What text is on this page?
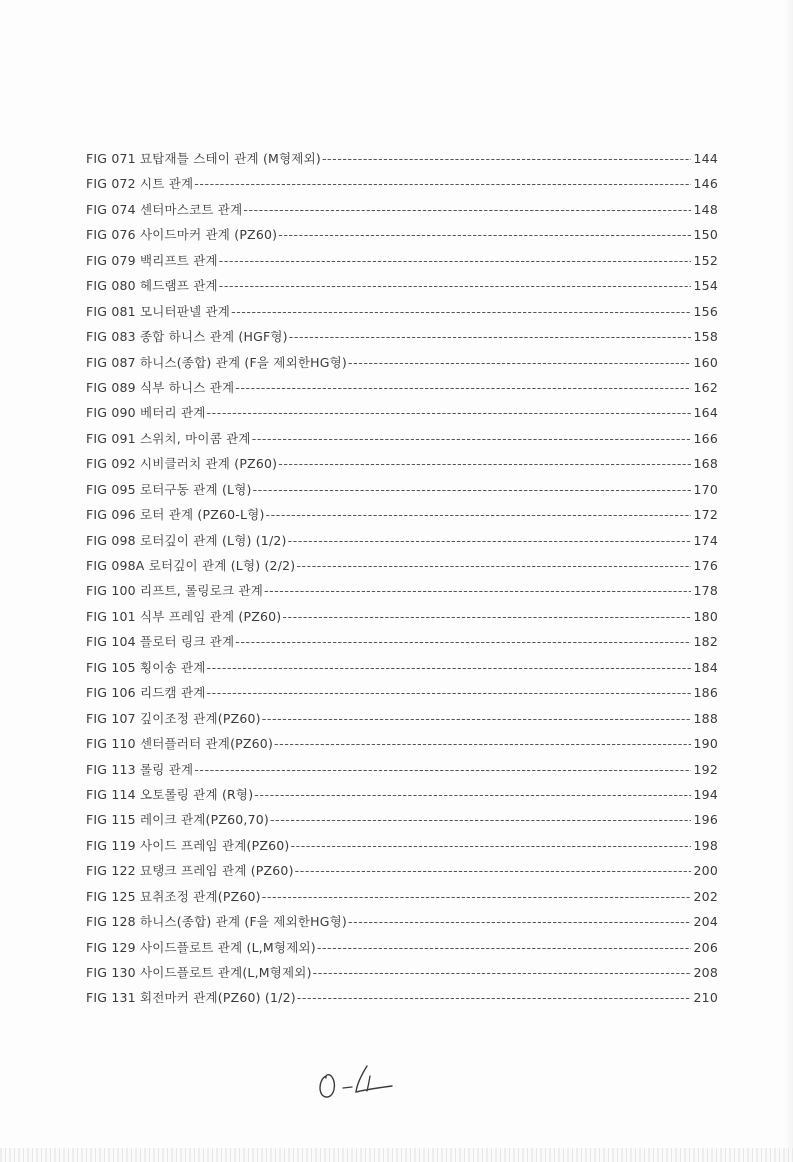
FIG 071 묘탑재틀 스테이 관계 (M형제외) -----	144
FIG 072 시트 관계 -----	146
FIG 074 센터마스코트 관계 -----	148
FIG 076 사이드마커 관계 (PZ60) -----	150
FIG 079 백리프트 관계 -----	152
FIG 080 헤드램프 관계 -----	154
FIG 081 모니터판넬 관계 -----	156
FIG 083 종합 하니스 관계 (HGF형) -----	158
FIG 087 하니스(종합) 관계 (F을 제외한HG형) -----	160
FIG 089 식부 하니스 관계 -----	162
FIG 090 베터리 관계 -----	164
FIG 091 스위치, 마이콤 관계 -----	166
FIG 092 시비클러치 관계 (PZ60) -----	168
FIG 095 로터구동 관계 (L형) -----	170
FIG 096 로터 관계 (PZ60-L형) -----	172
FIG 098 로터깊이 관계 (L형) (1/2) -----	174
FIG 098A 로터깊이 관계 (L형) (2/2) -----	176
FIG 100 리프트, 롤링로크 관계 -----	178
FIG 101 식부 프레임 관계 (PZ60) -----	180
FIG 104 플로터 링크 관계 -----	182
FIG 105 횡이송 관계 -----	184
FIG 106 리드캠 관계 -----	186
FIG 107 깊이조정 관계(PZ60) -----	188
FIG 110 센터플러터 관계(PZ60) -----	190
FIG 113 롤링 관계 -----	192
FIG 114 오토롤링 관계 (R형) -----	194
FIG 115 레이크 관계(PZ60,70) -----	196
FIG 119 사이드 프레임 관계(PZ60) -----	198
FIG 122 묘탱크 프레임 관계 (PZ60) -----	200
FIG 125 묘취조정 관계(PZ60) -----	202
FIG 128 하니스(종합) 관계 (F을 제외한HG형) -----	204
FIG 129 사이드플로트 관계 (L,M형제외) -----	206
FIG 130 사이드플로트 관계(L,M형제외) -----	208
FIG 131 회전마커 관계(PZ60) (1/2) -----	210
